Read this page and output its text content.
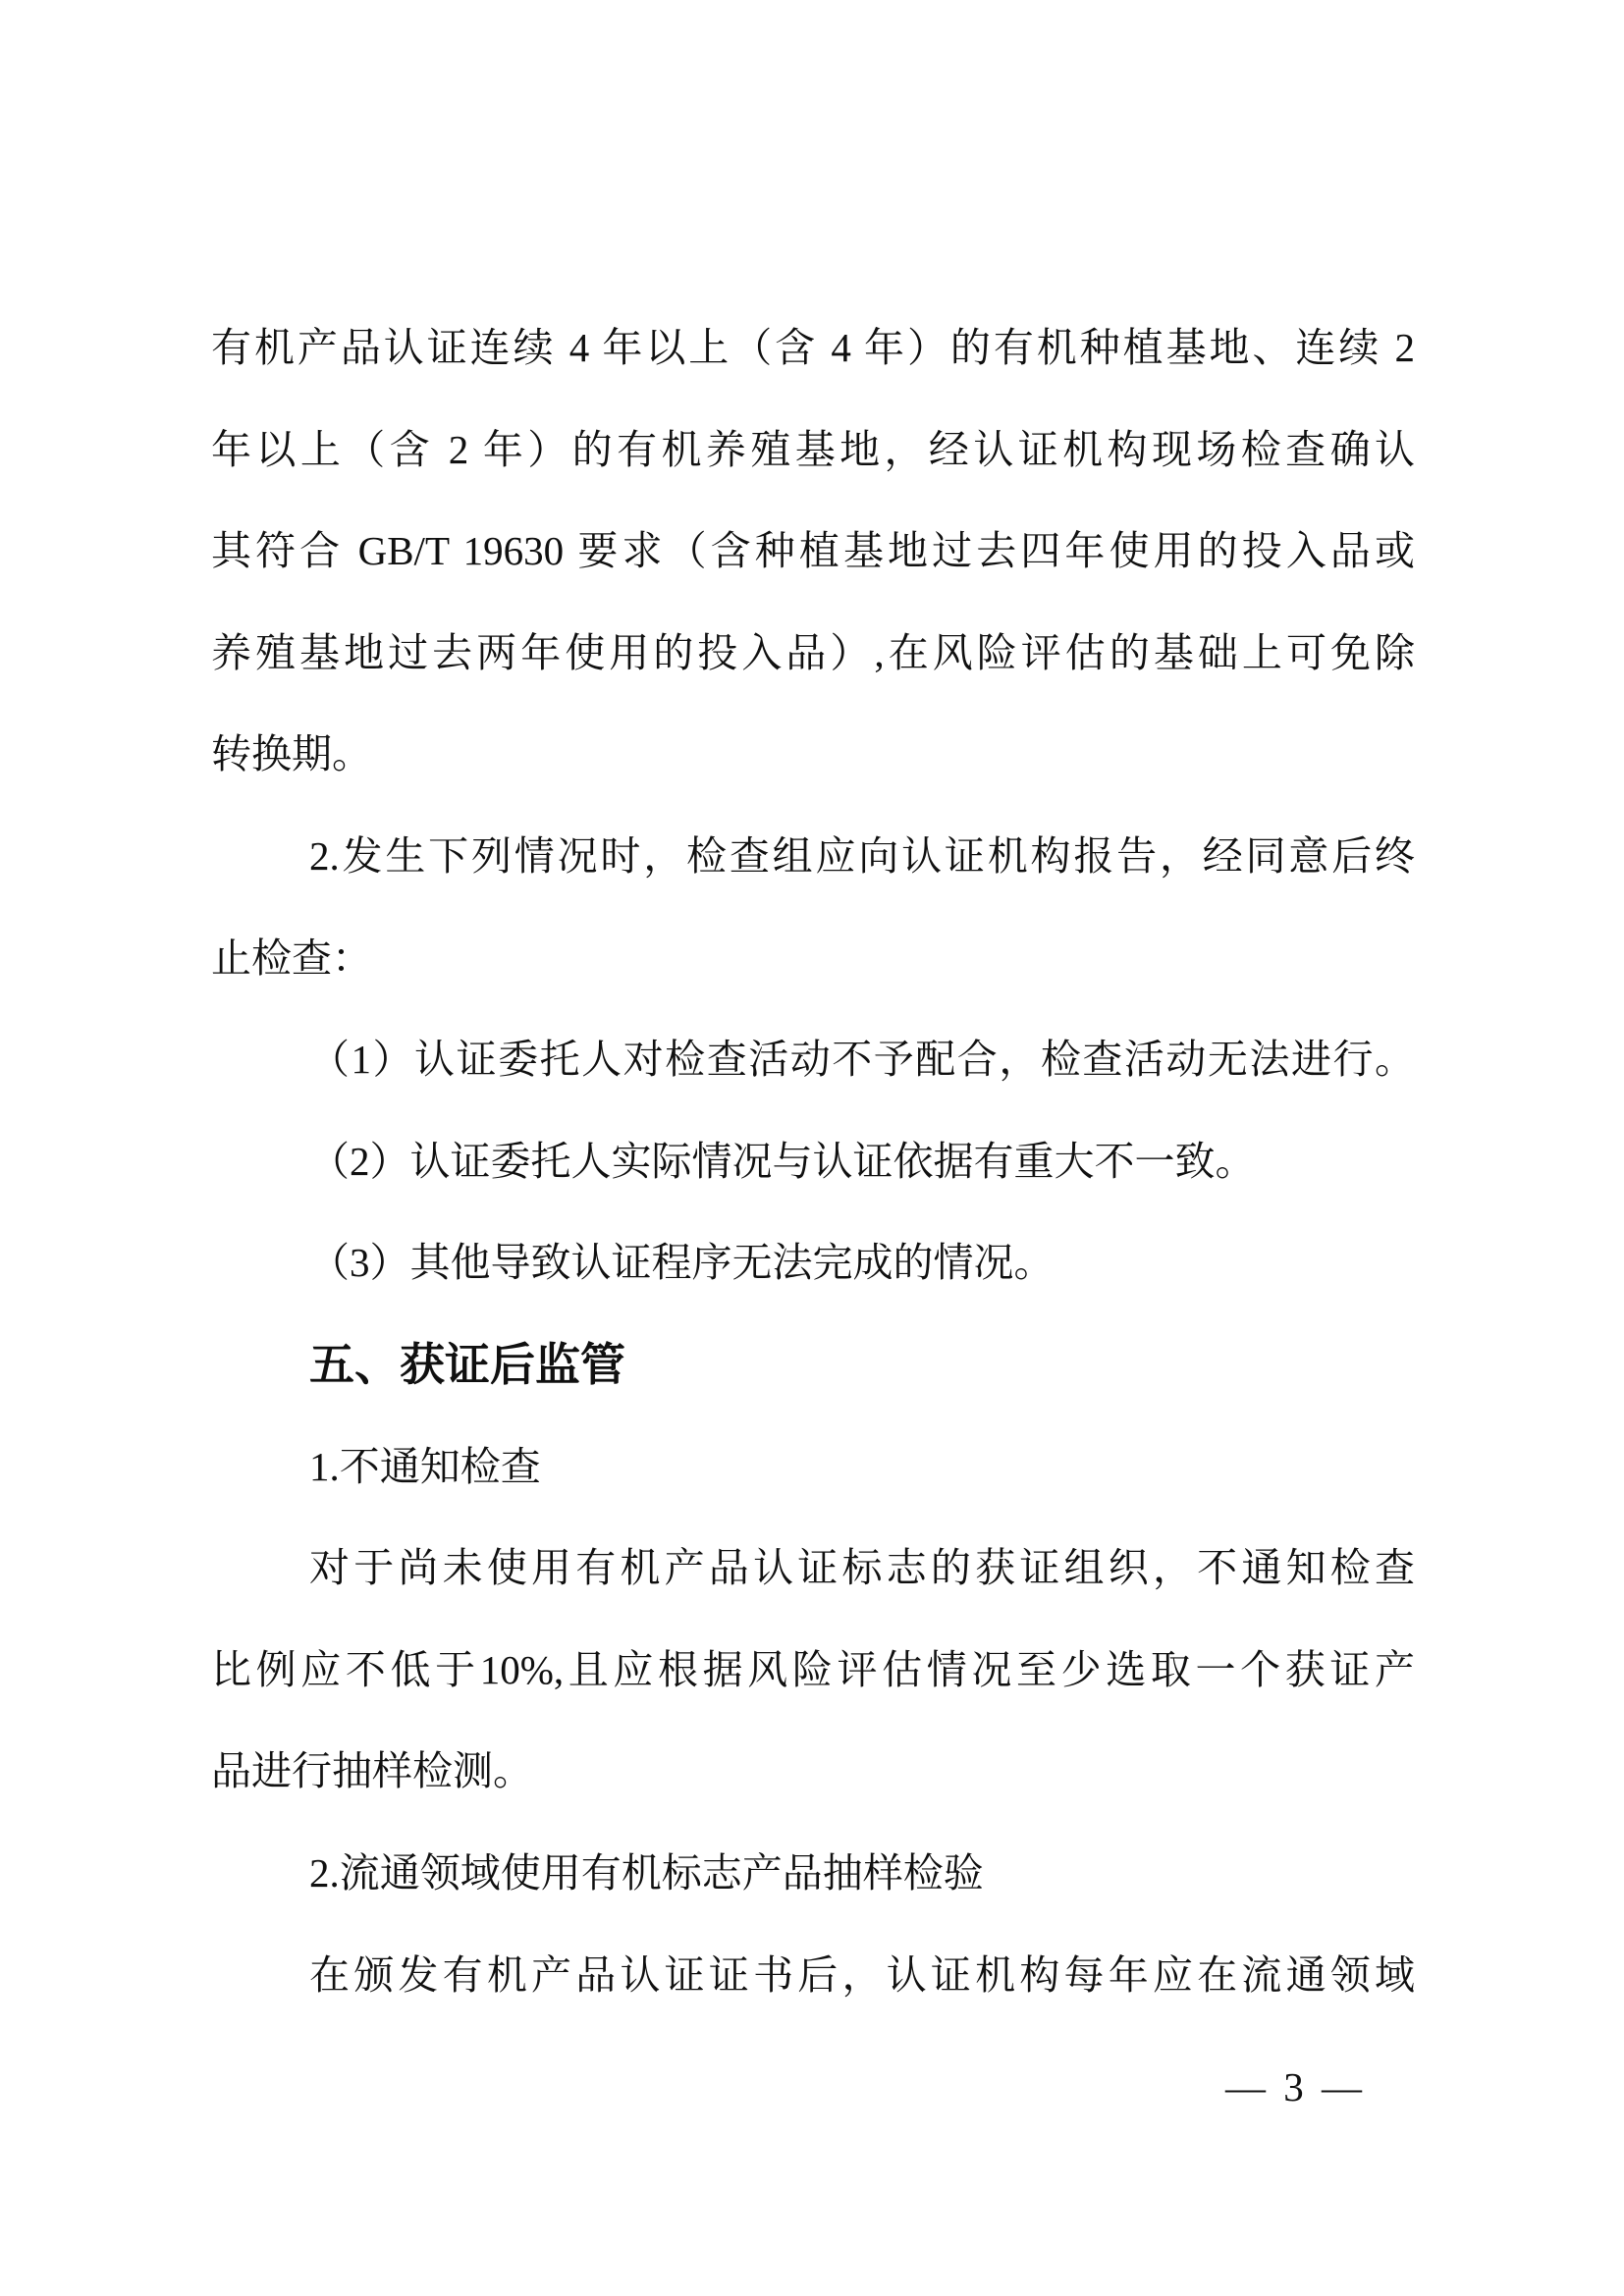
有机产品认证连续 4 年以上（含 4 年）的有机种植基地、连续 2
年以上（含 2 年）的有机养殖基地，经认证机构现场检查确认
其符合 GB/T 19630 要求（含种植基地过去四年使用的投入品或
养殖基地过去两年使用的投入品）,在风险评估的基础上可免除
转换期。
2.发生下列情况时，检查组应向认证机构报告，经同意后终
止检查：
（1）认证委托人对检查活动不予配合，检查活动无法进行。
（2）认证委托人实际情况与认证依据有重大不一致。
（3）其他导致认证程序无法完成的情况。
五、获证后监管
1.不通知检查
对于尚未使用有机产品认证标志的获证组织，不通知检查
比例应不低于10%,且应根据风险评估情况至少选取一个获证产
品进行抽样检测。
2.流通领域使用有机标志产品抽样检验
在颁发有机产品认证证书后，认证机构每年应在流通领域
— 3 —
